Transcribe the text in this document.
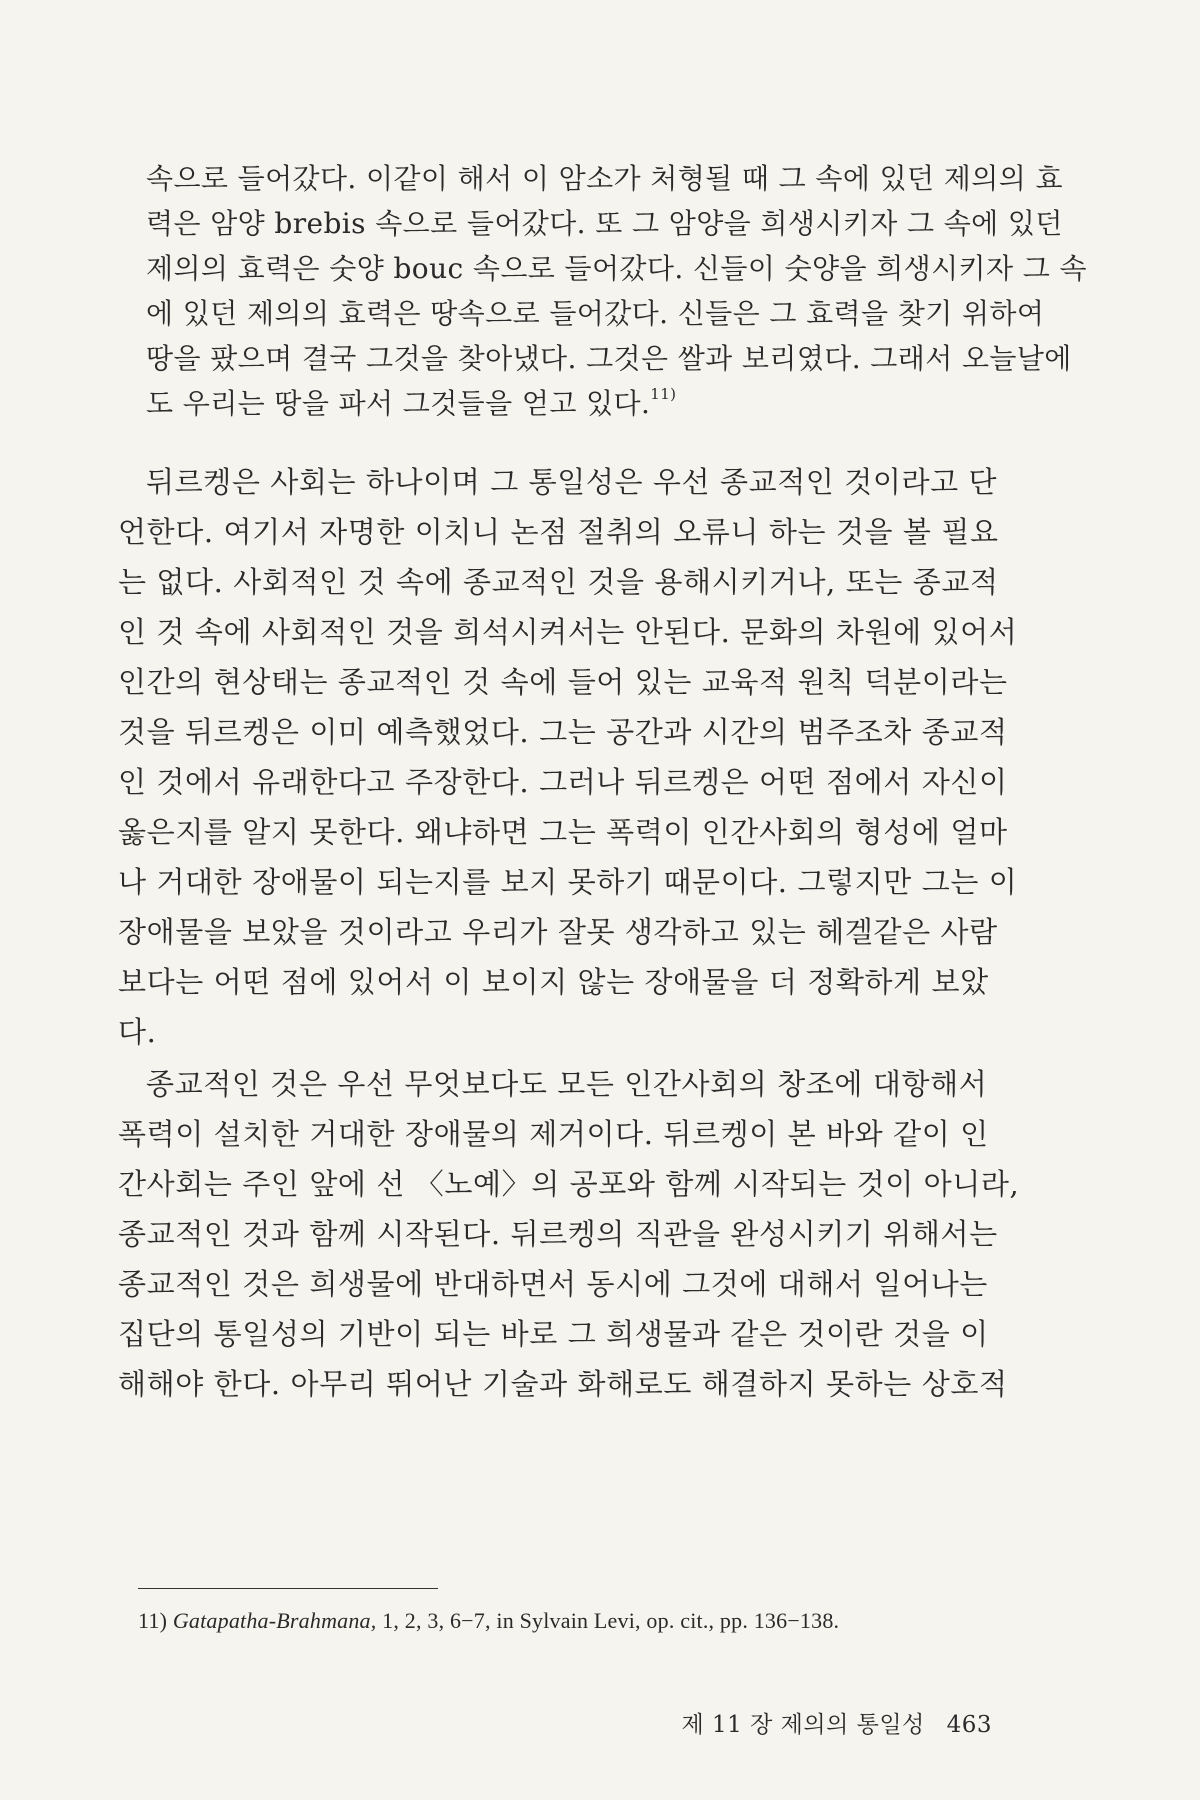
속으로 들어갔다. 이같이 해서 이 암소가 처형될 때 그 속에 있던 제의의 효
력은 암양 brebis 속으로 들어갔다. 또 그 암양을 희생시키자 그 속에 있던
제의의 효력은 숫양 bouc 속으로 들어갔다. 신들이 숫양을 희생시키자 그 속
에 있던 제의의 효력은 땅속으로 들어갔다. 신들은 그 효력을 찾기 위하여
땅을 팠으며 결국 그것을 찾아냈다. 그것은 쌀과 보리였다. 그래서 오늘날에
도 우리는 땅을 파서 그것들을 얻고 있다.$^{11)}$
뒤르켕은 사회는 하나이며 그 통일성은 우선 종교적인 것이라고 단
언한다. 여기서 자명한 이치니 논점 절취의 오류니 하는 것을 볼 필요
는 없다. 사회적인 것 속에 종교적인 것을 용해시키거나, 또는 종교적
인 것 속에 사회적인 것을 희석시켜서는 안된다. 문화의 차원에 있어서
인간의 현상태는 종교적인 것 속에 들어 있는 교육적 원칙 덕분이라는
것을 뒤르켕은 이미 예측했었다. 그는 공간과 시간의 범주조차 종교적
인 것에서 유래한다고 주장한다. 그러나 뒤르켕은 어떤 점에서 자신이
옳은지를 알지 못한다. 왜냐하면 그는 폭력이 인간사회의 형성에 얼마
나 거대한 장애물이 되는지를 보지 못하기 때문이다. 그렇지만 그는 이
장애물을 보았을 것이라고 우리가 잘못 생각하고 있는 헤겔같은 사람
보다는 어떤 점에 있어서 이 보이지 않는 장애물을 더 정확하게 보았
다.
종교적인 것은 우선 무엇보다도 모든 인간사회의 창조에 대항해서
폭력이 설치한 거대한 장애물의 제거이다. 뒤르켕이 본 바와 같이 인
간사회는 주인 앞에 선 〈노예〉의 공포와 함께 시작되는 것이 아니라,
종교적인 것과 함께 시작된다. 뒤르켕의 직관을 완성시키기 위해서는
종교적인 것은 희생물에 반대하면서 동시에 그것에 대해서 일어나는
집단의 통일성의 기반이 되는 바로 그 희생물과 같은 것이란 것을 이
해해야 한다. 아무리 뛰어난 기술과 화해로도 해결하지 못하는 상호적
11) Gatapatha-Brahmana, 1, 2, 3, 6−7, in Sylvain Levi, op. cit., pp. 136−138.
제 11 장 제의의 통일성 463
